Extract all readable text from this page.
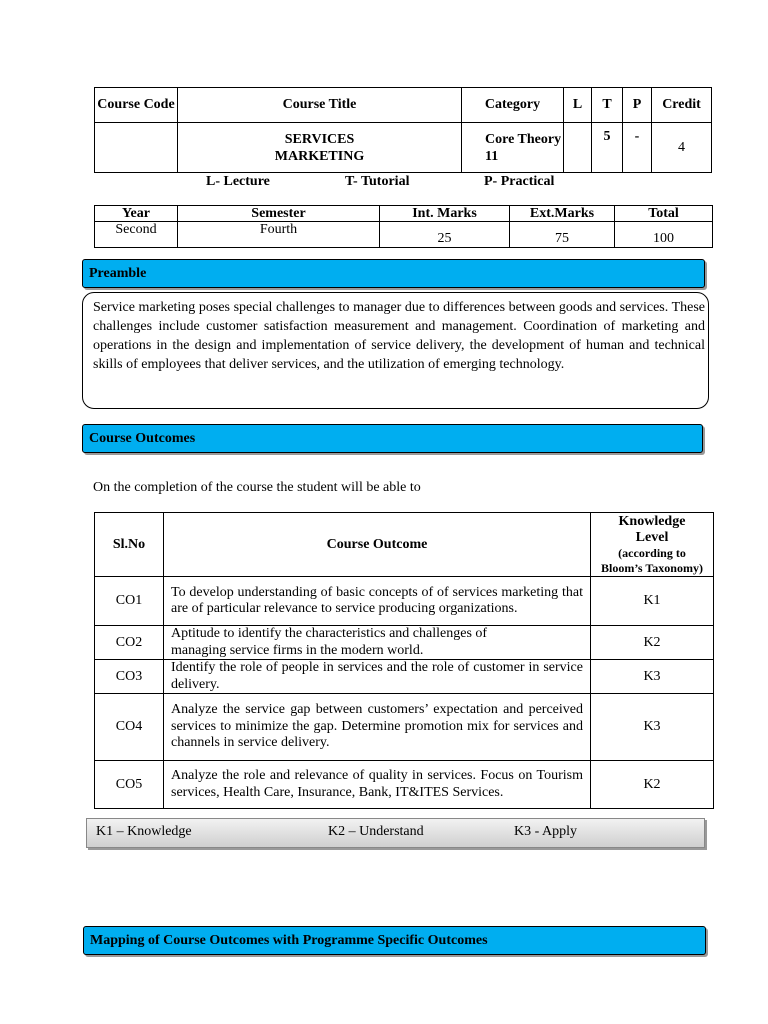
Course Code	Course Title	Category	L	T	P	Credit
	SERVICES MARKETING	Core Theory 11		5	-	4
L- Lecture	T- Tutorial	P- Practical
Year	Semester	Int. Marks	Ext.Marks	Total
Second	Fourth	25	75	100
Preamble
Service marketing poses special challenges to manager due to differences between goods and services. These challenges include customer satisfaction measurement and management. Coordination of marketing and operations in the design and implementation of service delivery, the development of human and technical skills of employees that deliver services, and the utilization of emerging technology.
Course Outcomes
On the completion of the course the student will be able to
Sl.No	Course Outcome	Knowledge Level
(according to Bloom’s Taxonomy)

CO1	To develop understanding of basic concepts of of services marketing that are of particular relevance to service producing organizations.	K1
CO2	Aptitude to identify the characteristics and challenges of managing service firms in the modern world.	K2
CO3	Identify the role of people in services and the role of customer in service delivery.	K3
CO4	Analyze the service gap between customers’ expectation and perceived services to minimize the gap. Determine promotion mix for services and channels in service delivery.	K3
CO5	Analyze the role and relevance of quality in services. Focus on Tourism services, Health Care, Insurance, Bank, IT&ITES Services.	K2
K1 – Knowledge	K2 – Understand	K3 - Apply
Mapping of Course Outcomes with Programme Specific Outcomes
